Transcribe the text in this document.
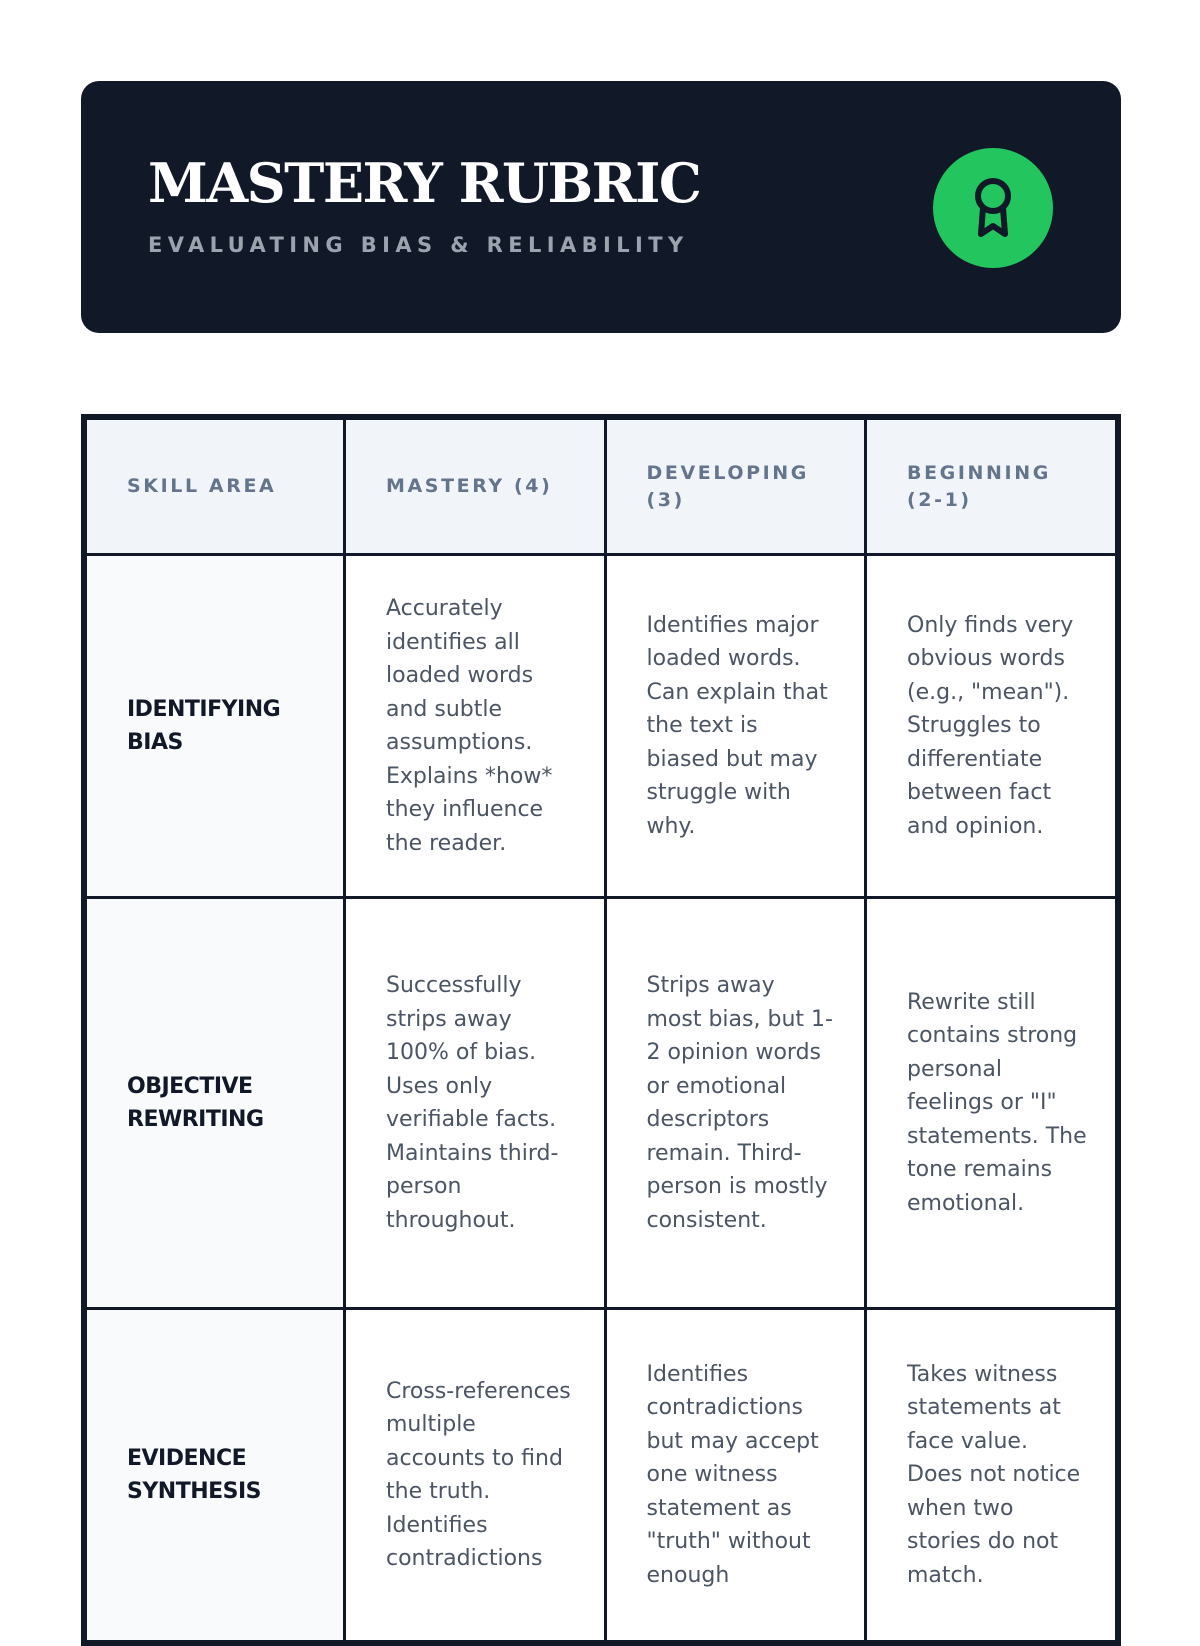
MASTERY RUBRIC
EVALUATING BIAS & RELIABILITY
SKILL AREA	MASTERY (4)	DEVELOPING (3)	BEGINNING (2-1)
IDENTIFYING BIAS	Accurately identifies all loaded words and subtle assumptions. Explains *how* they influence the reader.	Identifies major loaded words. Can explain that the text is biased but may struggle with why.	Only finds very obvious words (e.g., "mean"). Struggles to differentiate between fact and opinion.
OBJECTIVE REWRITING	Successfully strips away 100% of bias. Uses only verifiable facts. Maintains third-person throughout.	Strips away most bias, but 1-2 opinion words or emotional descriptors remain. Third-person is mostly consistent.	Rewrite still contains strong personal feelings or "I" statements. The tone remains emotional.
EVIDENCE SYNTHESIS	Cross-references multiple accounts to find the truth. Identifies contradictions	Identifies contradictions but may accept one witness statement as "truth" without enough	Takes witness statements at face value. Does not notice when two stories do not match.
